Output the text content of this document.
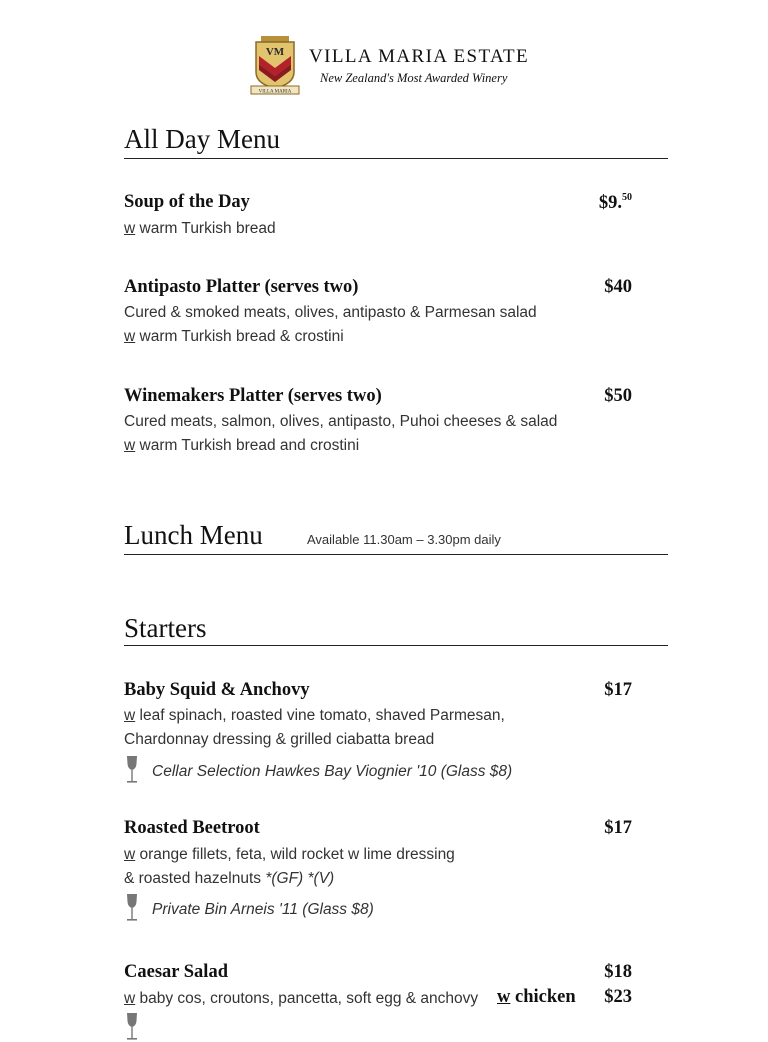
VM
VILLA MARIA
VILLA MARIA ESTATE
New Zealand's Most Awarded Winery
All Day Menu
Soup of the Day	$9.50
w warm Turkish bread
Antipasto Platter (serves two)	$40
Cured & smoked meats, olives, antipasto & Parmesan salad
w warm Turkish bread & crostini
Winemakers Platter (serves two)	$50
Cured meats, salmon, olives, antipasto, Puhoi cheeses & salad
w warm Turkish bread and crostini
Lunch Menu	Available 11.30am – 3.30pm daily
Starters
Baby Squid & Anchovy	$17
w leaf spinach, roasted vine tomato, shaved Parmesan,
Chardonnay dressing & grilled ciabatta bread
Cellar Selection Hawkes Bay Viognier '10 (Glass $8)
Roasted Beetroot	$17
w orange fillets, feta, wild rocket w lime dressing
& roasted hazelnuts *(GF) *(V)
Private Bin Arneis '11 (Glass $8)
Caesar Salad	$18
w baby cos, croutons, pancetta, soft egg & anchovy w chicken $23
